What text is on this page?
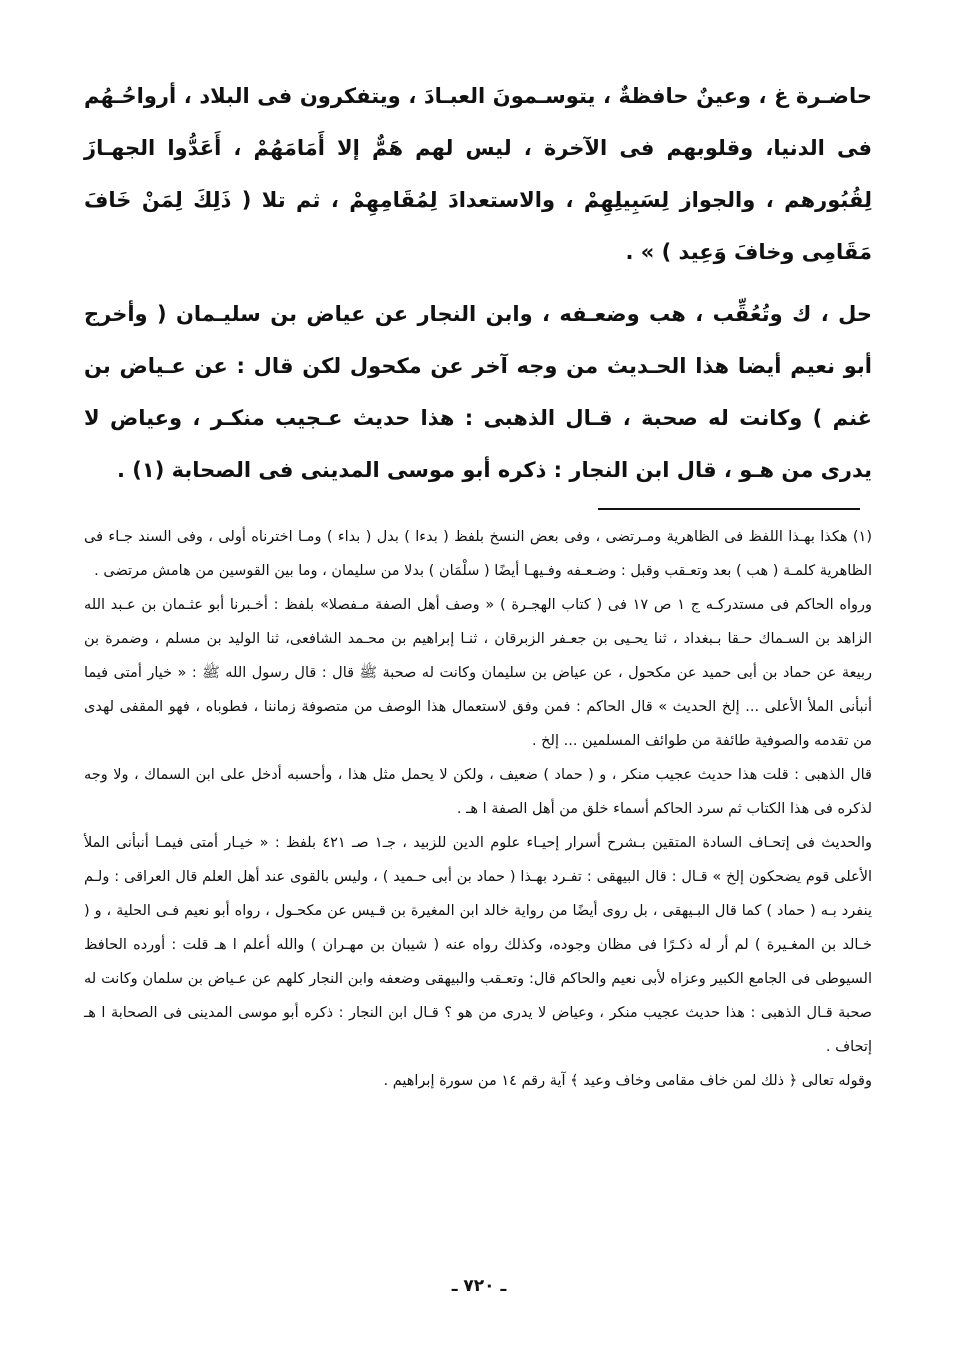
حاضـرة غ ، وعينٌ حافظةٌ ، يتوسـمونَ العبـادَ ، ويتفكرون فى البلاد ، أرواحُـهُم فى الدنيا، وقلوبهم فى الآخرة ، ليس لهم هَمٌّ إلا أَمَامَهُمْ ، أَعَدُّوا الجهـازَ لِقُبُورهم ، والجواز لِسَبِيلِهِمْ ، والاستعدادَ لِمُقَامِهِمْ ، ثم تلا ( ذَلِكَ لِمَنْ خَافَ مَقَامِى وخافَ وَعِيد ) » .

حل ، ك وتُعُقِّب ، هب وضعـفه ، وابن النجار عن عياض بن سليـمان ( وأخرج أبو نعيم أيضا هذا الحـديث من وجه آخر عن مكحول لكن قال : عن عـياض بن غنم ) وكانت له صحبة ، قـال الذهبى : هذا حديث عـجيب منكـر ، وعياض لا يدرى من هـو ، قال ابن النجار : ذكره أبو موسى المدينى فى الصحابة (١) .

(١) هكذا بهـذا اللفظ فى الظاهرية ومـرتضى ، وفى بعض النسخ بلفظ ( بدءا ) بدل ( بداء ) ومـا اخترناه أولى ، وفى السند جـاء فى الظاهرية كلمـة ( هب ) بعد وتعـقب وقبل : وضـعـفه وفـيهـا أيضًا ( سلْمَان ) بدلا من سليمان ، وما بين القوسين من هامش مرتضى .

ورواه الحاكم فى مستدركـه ج ١ ص ١٧ فى ( كتاب الهجـرة ) « وصف أهل الصفة مـفصلا» بلفظ : أخـبرنا أبو عثـمان بن عـبد الله الزاهد بن السـماك حـقا بـبغداد ، ثنا يحـيى بن جعـفر الزبرقان ، ثنـا إبراهيم بن محـمد الشافعى، ثنا الوليد بن مسلم ، وضمرة بن ربيعة عن حماد بن أبى حميد عن مكحول ، عن عياض بن سليمان وكانت له صحبة ﷺ قال : قال رسول الله ﷺ : « خيار أمتى فيما أنبأنى الملأ الأعلى ... إلخ الحديث » قال الحاكم : فمن وفق لاستعمال هذا الوصف من متصوفة زماننا ، فطوباه ، فهو المقفى لهدى من تقدمه والصوفية طائفة من طوائف المسلمين ... إلخ .

قال الذهبى : قلت هذا حديث عجيب منكر ، و ( حماد ) ضعيف ، ولكن لا يحمل مثل هذا ، وأحسبه أدخل على ابن السماك ، ولا وجه لذكره فى هذا الكتاب ثم سرد الحاكم أسماء خلق من أهل الصفة ا هـ .

والحديث فى إتحـاف السادة المتقين بـشرح أسرار إحيـاء علوم الدين للزبيد ، جـ١ صـ ٤٢١ بلفظ : « خيـار أمتى فيمـا أنبأنى الملأ الأعلى قوم يضحكون إلخ » قـال : قال البيهقى : تفـرد بهـذا ( حماد بن أبى حـميد ) ، وليس بالقوى عند أهل العلم قال العراقى : ولـم ينفرد بـه ( حماد ) كما قال البـيهقى ، بل روى أيضًا من رواية خالد ابن المغيرة بن قـيس عن مكحـول ، رواه أبو نعيم فـى الحلية ، و ( خـالد بن المغـيرة ) لم أر له ذكـرًا فى مظان وجوده، وكذلك رواه عنه ( شيبان بن مهـران ) والله أعلم ا هـ قلت : أورده الحافظ السيوطى فى الجامع الكبير وعزاه لأبى نعيم والحاكم قال: وتعـقب والبيهقى وضعفه وابن النجار كلهم عن عـياض بن سلمان وكانت له صحبة قـال الذهبى : هذا حديث عجيب منكر ، وعياض لا يدرى من هو ؟ قـال ابن النجار : ذكره أبو موسى المدينى فى الصحابة ا هـ إتحاف .

وقوله تعالى ﴿ ذلك لمن خاف مقامى وخاف وعيد ﴾ آية رقم ١٤ من سورة إبراهيم .

ـ ٧٢٠ ـ
